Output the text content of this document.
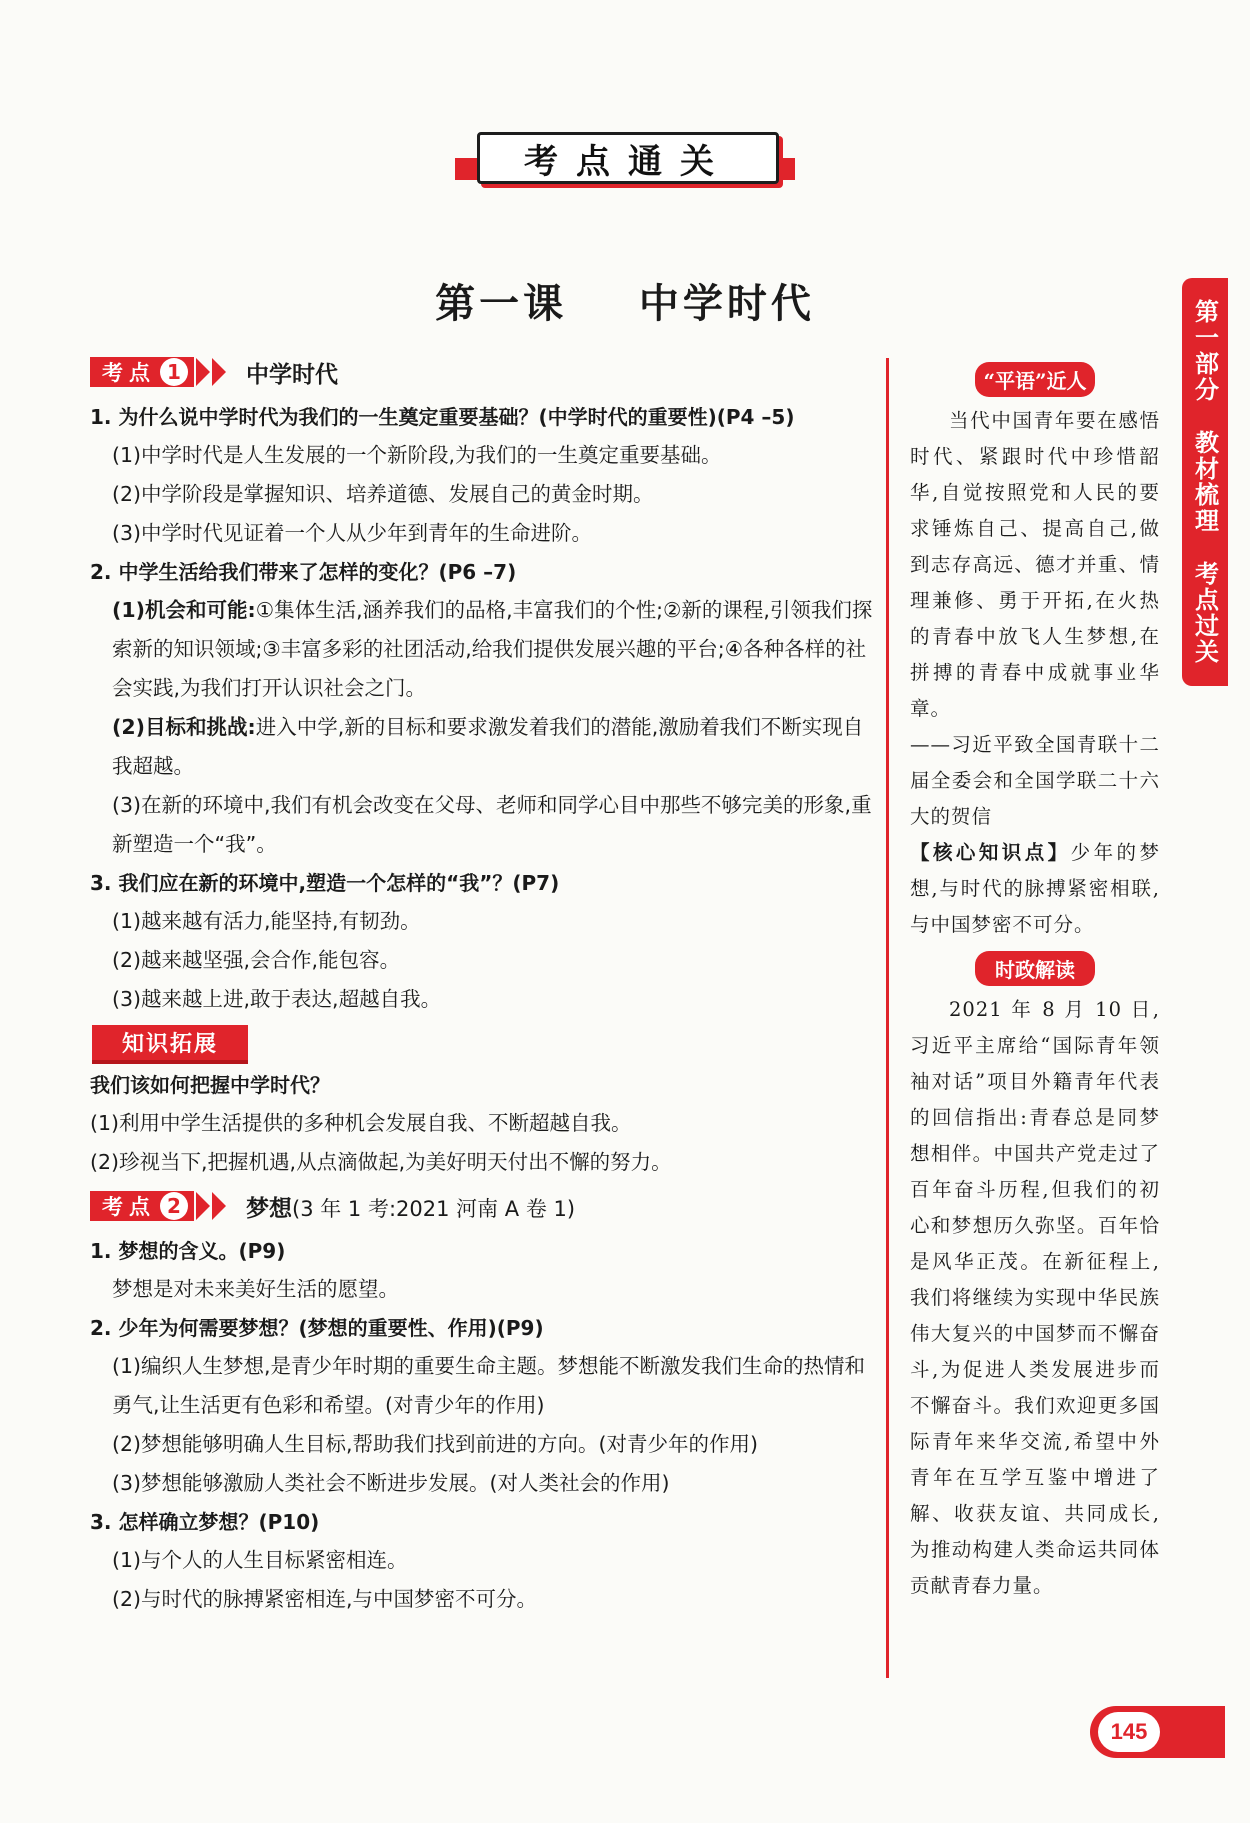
考点通关
第一课    中学时代
考点 1	中学时代
1. 为什么说中学时代为我们的一生奠定重要基础？(中学时代的重要性)(P4 –5)
(1)中学时代是人生发展的一个新阶段,为我们的一生奠定重要基础。
(2)中学阶段是掌握知识、培养道德、发展自己的黄金时期。
(3)中学时代见证着一个人从少年到青年的生命进阶。
2. 中学生活给我们带来了怎样的变化？(P6 –7)
(1)机会和可能:①集体生活,涵养我们的品格,丰富我们的个性;②新的课程,引领我们探索新的知识领域;③丰富多彩的社团活动,给我们提供发展兴趣的平台;④各种各样的社会实践,为我们打开认识社会之门。
(2)目标和挑战:进入中学,新的目标和要求激发着我们的潜能,激励着我们不断实现自我超越。
(3)在新的环境中,我们有机会改变在父母、老师和同学心目中那些不够完美的形象,重新塑造一个“我”。
3. 我们应在新的环境中,塑造一个怎样的“我”？(P7)
(1)越来越有活力,能坚持,有韧劲。
(2)越来越坚强,会合作,能包容。
(3)越来越上进,敢于表达,超越自我。
知识拓展
我们该如何把握中学时代？
(1)利用中学生活提供的多种机会发展自我、不断超越自我。
(2)珍视当下,把握机遇,从点滴做起,为美好明天付出不懈的努力。
考点 2	梦想(3 年 1 考:2021 河南 A 卷 1)
1. 梦想的含义。(P9)
梦想是对未来美好生活的愿望。
2. 少年为何需要梦想？(梦想的重要性、作用)(P9)
(1)编织人生梦想,是青少年时期的重要生命主题。梦想能不断激发我们生命的热情和勇气,让生活更有色彩和希望。(对青少年的作用)
(2)梦想能够明确人生目标,帮助我们找到前进的方向。(对青少年的作用)
(3)梦想能够激励人类社会不断进步发展。(对人类社会的作用)
3. 怎样确立梦想？(P10)
(1)与个人的人生目标紧密相连。
(2)与时代的脉搏紧密相连,与中国梦密不可分。
“平语”近人
当代中国青年要在感悟时代、紧跟时代中珍惜韶华,自觉按照党和人民的要求锤炼自己、提高自己,做到志存高远、德才并重、情理兼修、勇于开拓,在火热的青春中放飞人生梦想,在拼搏的青春中成就事业华章。
——习近平致全国青联十二届全委会和全国学联二十六大的贺信
【核心知识点】少年的梦想,与时代的脉搏紧密相联,与中国梦密不可分。
时政解读
2021 年 8 月 10 日,习近平主席给“国际青年领袖对话”项目外籍青年代表的回信指出:青春总是同梦想相伴。中国共产党走过了百年奋斗历程,但我们的初心和梦想历久弥坚。百年恰是风华正茂。在新征程上,我们将继续为实现中华民族伟大复兴的中国梦而不懈奋斗,为促进人类发展进步而不懈奋斗。我们欢迎更多国际青年来华交流,希望中外青年在互学互鉴中增进了解、收获友谊、共同成长,为推动构建人类命运共同体贡献青春力量。
第一部分
教材梳理
考点过关
145
